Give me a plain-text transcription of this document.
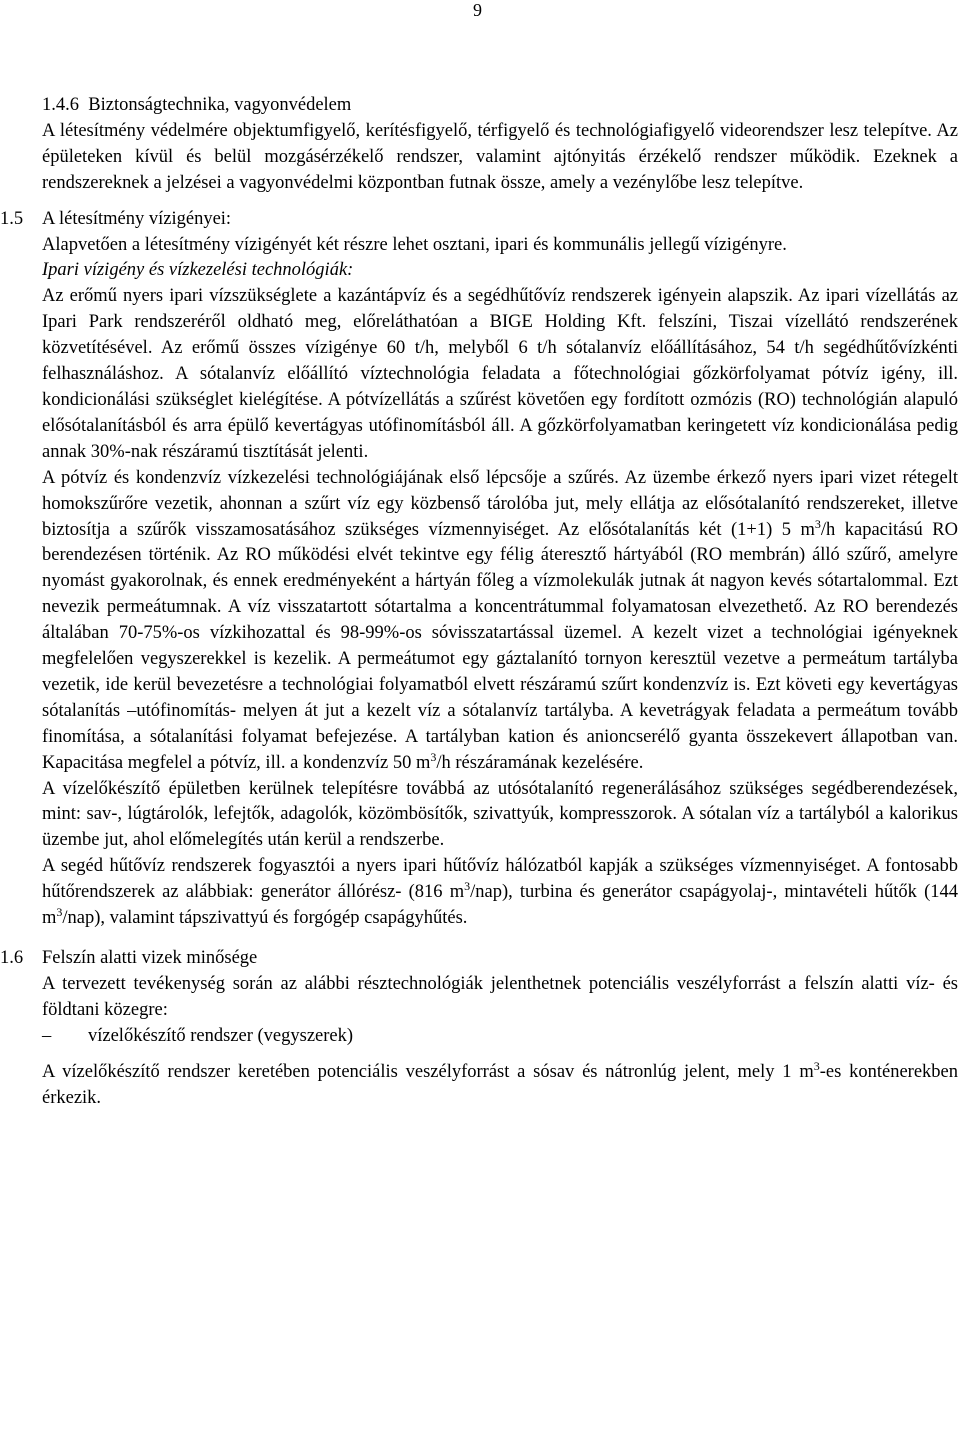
9

1.4.6 Biztonságtechnika, vagyonvédelem

A létesítmény védelmére objektumfigyelő, kerítésfigyelő, térfigyelő és technológiafigyelő videorendszer lesz telepítve. Az épületeken kívül és belül mozgásérzékelő rendszer, valamint ajtónyitás érzékelő rendszer működik. Ezeknek a rendszereknek a jelzései a vagyonvédelmi központban futnak össze, amely a vezénylőbe lesz telepítve.

1.5 A létesítmény vízigényei:

Alapvetően a létesítmény vízigényét két részre lehet osztani, ipari és kommunális jellegű vízigényre.

Ipari vízigény és vízkezelési technológiák:

Az erőmű nyers ipari vízszükséglete a kazántápvíz és a segédhűtővíz rendszerek igényein alapszik. Az ipari vízellátás az Ipari Park rendszeréről oldható meg, előreláthatóan a BIGE Holding Kft. felszíni, Tiszai vízellátó rendszerének közvetítésével. Az erőmű összes vízigénye 60 t/h, melyből 6 t/h sótalanvíz előállításához, 54 t/h segédhűtővízkénti felhasználáshoz. A sótalanvíz előállító víztechnológia feladata a főtechnológiai gőzkörfolyamat pótvíz igény, ill. kondicionálási szükséglet kielégítése. A pótvízellátás a szűrést követően egy fordított ozmózis (RO) technológián alapuló elősótalanításból és arra épülő kevertágyas utófinomításból áll. A gőzkörfolyamatban keringetett víz kondicionálása pedig annak 30%-nak részáramú tisztítását jelenti.

A pótvíz és kondenzvíz vízkezelési technológiájának első lépcsője a szűrés. Az üzembe érkező nyers ipari vizet rétegelt homokszűrőre vezetik, ahonnan a szűrt víz egy közbenső tárolóba jut, mely ellátja az elősótalanító rendszereket, illetve biztosítja a szűrők visszamosatásához szükséges vízmennyiséget. Az elősótalanítás két (1+1) 5 $m^3/h$ kapacitású RO berendezésen történik. Az RO működési elvét tekintve egy félig áteresztő hártyából (RO membrán) álló szűrő, amelyre nyomást gyakorolnak, és ennek eredményeként a hártyán főleg a vízmolekulák jutnak át nagyon kevés sótartalommal. Ezt nevezik permeátumnak. A víz visszatartott sótartalma a koncentrátummal folyamatosan elvezethető. Az RO berendezés általában 70-75%-os vízkihozattal és 98-99%-os sóvisszatartással üzemel. A kezelt vizet a technológiai igényeknek megfelelően vegyszerekkel is kezelik. A permeátumot egy gáztalanító tornyon keresztül vezetve a permeátum tartályba vezetik, ide kerül bevezetésre a technológiai folyamatból elvett részáramú szűrt kondenzvíz is. Ezt követi egy kevertágyas sótalanítás –utófinomítás- melyen át jut a kezelt víz a sótalanvíz tartályba. A kevetrágyak feladata a permeátum tovább finomítása, a sótalanítási folyamat befejezése. A tartályban kation és anioncserélő gyanta összekevert állapotban van. Kapacitása megfelel a pótvíz, ill. a kondenzvíz 50 $m^3/h$ részáramának kezelésére.

A vízelőkészítő épületben kerülnek telepítésre továbbá az utósótalanító regenerálásához szükséges segédberendezések, mint: sav-, lúgtárolók, lefejtők, adagolók, közömbösítők, szivattyúk, kompresszorok. A sótalan víz a tartályból a kalorikus üzembe jut, ahol előmelegítés után kerül a rendszerbe.

A segéd hűtővíz rendszerek fogyasztói a nyers ipari hűtővíz hálózatból kapják a szükséges vízmennyiséget. A fontosabb hűtőrendszerek az alábbiak: generátor állórész- (816 $m^3/nap$), turbina és generátor csapágyolaj-, mintavételi hűtők (144 $m^3/nap$), valamint tápszivattyú és forgógép csapágyhűtés.

1.6 Felszín alatti vizek minősége

A tervezett tevékenység során az alábbi résztechnológiák jelenthetnek potenciális veszélyforrást a felszín alatti víz- és földtani közegre:

–	vízelőkészítő rendszer (vegyszerek)

A vízelőkészítő rendszer keretében potenciális veszélyforrást a sósav és nátronlúg jelent, mely 1 $m^3-es$ konténerekben érkezik.
